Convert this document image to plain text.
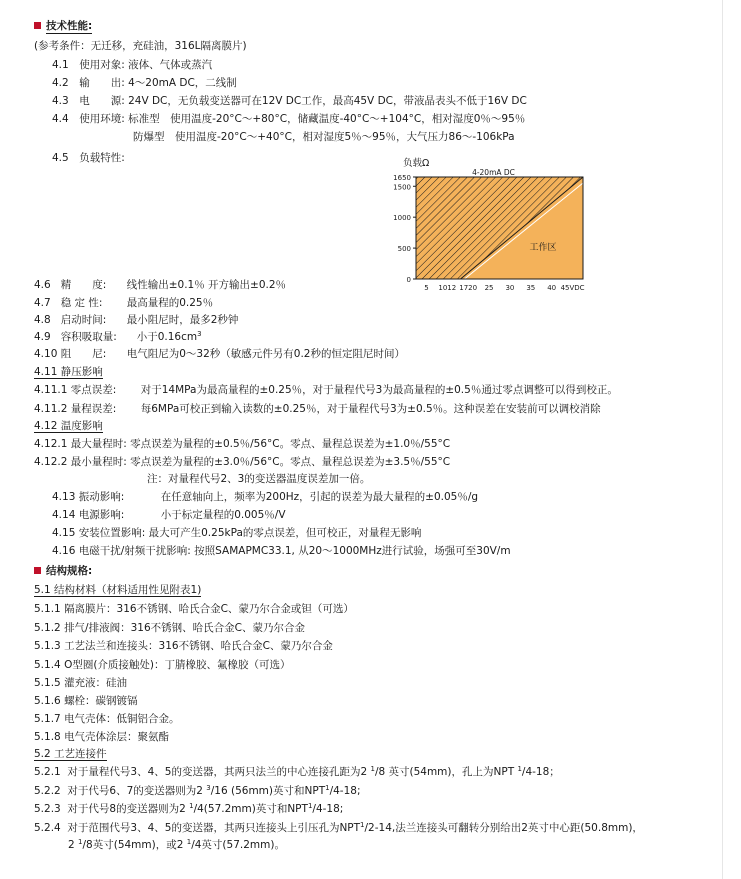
技术性能:
(参考条件：无迁移，充硅油，316L隔离膜片)
4.1　 使用对象: 液体、气体或蒸汽
4.2　 输　　出: 4～20mA DC，二线制
4.3　 电　　源: 24V DC，无负载变送器可在12V DC工作，最高45V DC，带液晶表头不低于16V DC
4.4　 使用环境: 标准型　使用温度-20°C～+80°C，储藏温度-40°C～+104°C，相对湿度0％～95％
防爆型　使用温度-20°C～+40°C，相对湿度5％～95％，大气压力86～-106kPa
4.5　 负载特性:	负载Ω
0
500
1000
1500
1650
5 1012 1720 25 30 35 40 45VDC
4-20mA DC
工作区
4.6 精　　度: 线性输出±0.1％ 开方输出±0.2％
4.7 稳 定 性: 最高量程的0.25％
4.8 启动时间: 最小阻尼时，最多2秒钟
4.9 容积吸取量: 小于$0.16cm^3$
4.10 阻　　尼: 电气阻尼为0～32秒（敏感元件另有0.2秒的恒定阻尼时间）
4.11 静压影响
4.11.1 零点误差: 对于14MPa为最高量程的±0.25％，对于量程代号3为最高量程的±0.5％通过零点调整可以得到校正。
4.11.2 量程误差: 每6MPa可校正到输入读数的±0.25％，对于量程代号3为±0.5％。这种误差在安装前可以调校消除
4.12 温度影响
4.12.1 最大量程时: 零点误差为量程的±0.5％/56°C。零点、量程总误差为±1.0％/55°C
4.12.2 最小量程时: 零点误差为量程的±3.0％/56°C。零点、量程总误差为±3.5％/55°C
注：对量程代号2、3的变送器温度误差加一倍。
4.13 振动影响:	在任意轴向上，频率为200Hz，引起的误差为最大量程的±0.05％/g
4.14 电源影响:	小于标定量程的0.005％/V
4.15 安装位置影响: 最大可产生0.25kPa的零点误差，但可校正，对量程无影响
4.16 电磁干扰/射频干扰影响: 按照SAMAPMC33.1, 从20～1000MHz进行试验，场强可至30V/m
结构规格:
5.1 结构材料（材料适用性见附表1)
5.1.1 隔离膜片：316不锈钢、哈氏合金C、蒙乃尔合金或钽（可选）
5.1.2 排气/排液阀：316不锈钢、哈氏合金C、蒙乃尔合金
5.1.3 工艺法兰和连接头：316不锈钢、哈氏合金C、蒙乃尔合金
5.1.4 O型圈(介质接触处)：丁腈橡胶、氟橡胶（可选）
5.1.5 灌充液：硅油
5.1.6 螺栓：碳钢镀镉
5.1.7 电气壳体：低铜铝合金。
5.1.8 电气壳体涂层：聚氨酯
5.2 工艺连接件
5.2.1 对于量程代号3、4、5的变送器，其两只法兰的中心连接孔距为2 $^1$/8 英寸(54mm)，孔上为NPT $^1$/4-18；
5.2.2 对于代号6、7的变送器则为2 $^3$/16 (56mm)英寸和NPT$^1$/4-18;
5.2.3 对于代号8的变送器则为2 $^1$/4(57.2mm)英寸和NPT$^1$/4-18;
5.2.4 对于范围代号3、4、5的变送器，其两只连接头上引压孔为NPT$^1$/2-14,法兰连接头可翻转分别给出2英寸中心距(50.8mm)，
2 $^1$/8英寸(54mm)，或2 $^1$/4英寸(57.2mm)。
